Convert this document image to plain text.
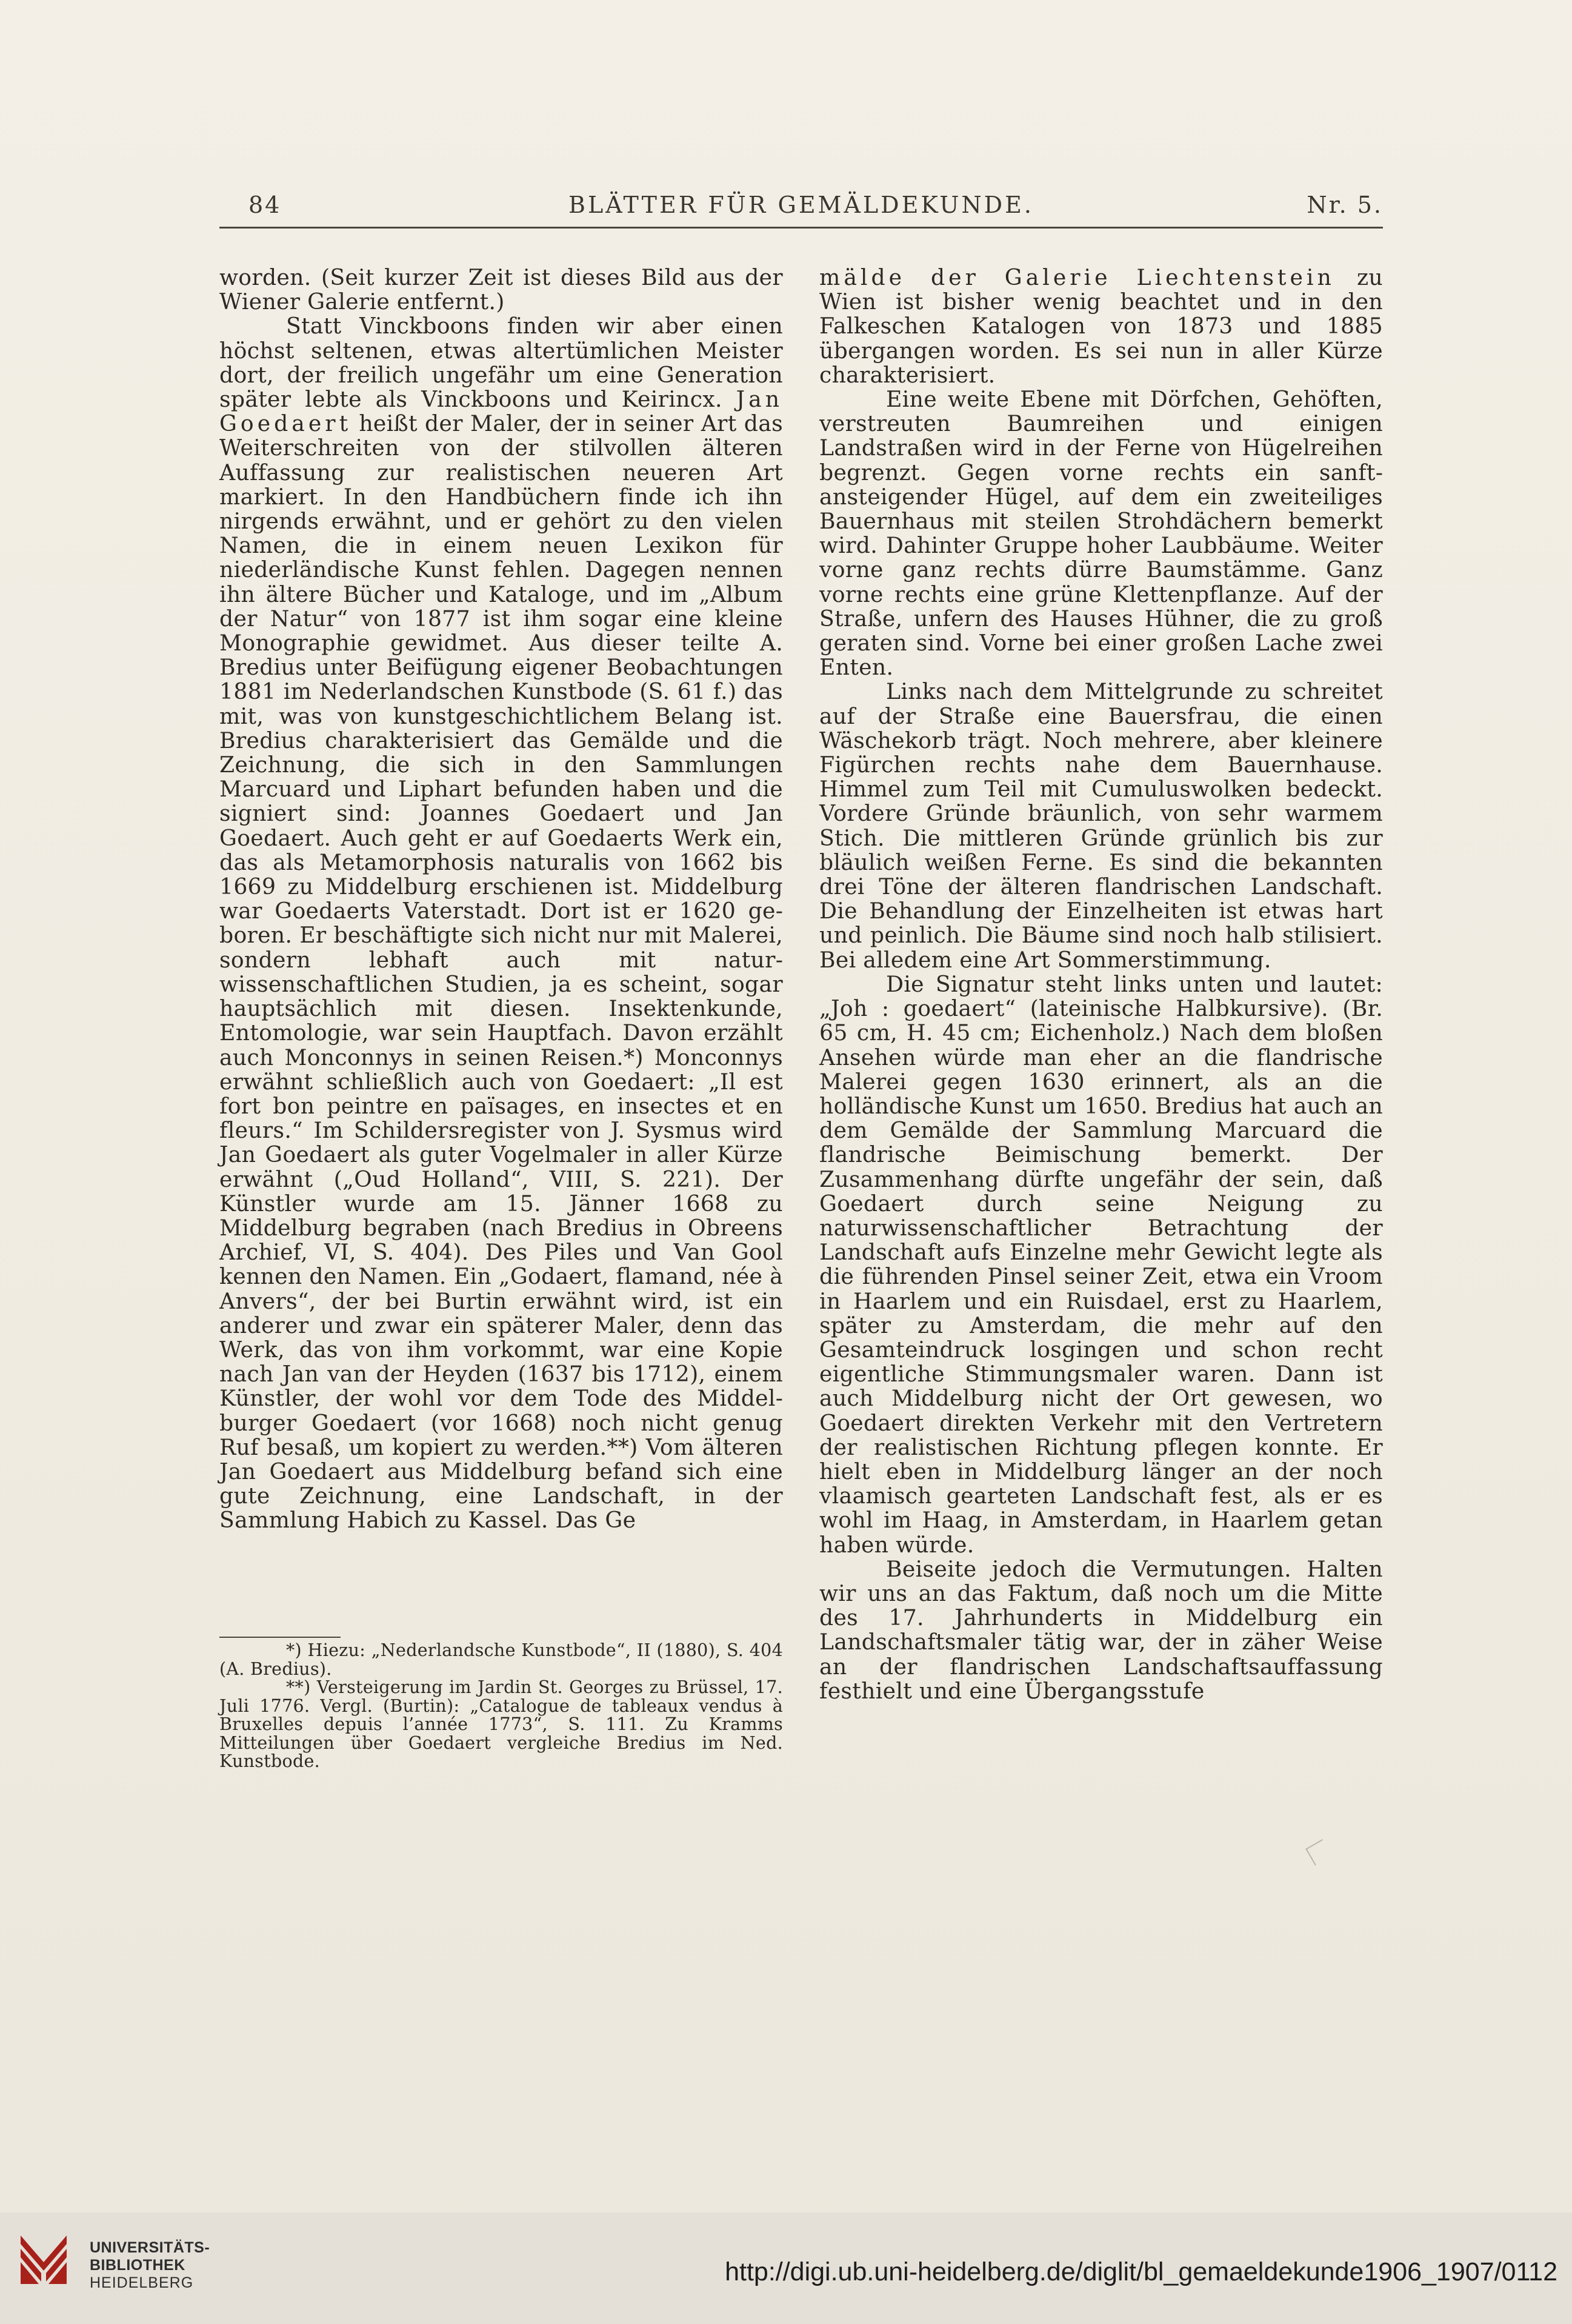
84	BLÄTTER FÜR GEMÄLDEKUNDE.	Nr. 5.

worden. (Seit kurzer Zeit ist dieses Bild aus der Wiener Galerie entfernt.)

Statt Vinckboons finden wir aber einen höchst seltenen, etwas altertümlichen Meister dort, der freilich ungefähr um eine Generation später lebte als Vinckboons und Keirincx. Jan Goedaert heißt der Maler, der in seiner Art das Weiterschreiten von der stilvollen älteren Auffassung zur realistischen neueren Art markiert. In den Handbüchern finde ich ihn nirgends erwähnt, und er gehört zu den vielen Namen, die in einem neuen Lexikon für niederländische Kunst fehlen. Dagegen nennen ihn ältere Bücher und Kataloge, und im „Album der Natur“ von 1877 ist ihm sogar eine kleine Monographie gewidmet. Aus dieser teilte A. Bredius unter Beifügung eigener Beobachtungen 1881 im Nederlandschen Kunstbode (S. 61 f.) das mit, was von kunstgeschichtlichem Belang ist. Bredius charakterisiert das Gemälde und die Zeichnung, die sich in den Sammlungen Marcuard und Liphart befunden haben und die signiert sind: Joannes Goedaert und Jan Goedaert. Auch geht er auf Goedaerts Werk ein, das als Metamorphosis naturalis von 1662 bis 1669 zu Middelburg erschienen ist. Middelburg war Goedaerts Vaterstadt. Dort ist er 1620 geboren. Er beschäftigte sich nicht nur mit Malerei, sondern lebhaft auch mit naturwissenschaftlichen Studien, ja es scheint, sogar hauptsächlich mit diesen. Insektenkunde, Entomologie, war sein Hauptfach. Davon erzählt auch Monconnys in seinen Reisen.*) Monconnys erwähnt schließlich auch von Goedaert: „Il est fort bon peintre en païsages, en insectes et en fleurs.“ Im Schildersregister von J. Sysmus wird Jan Goedaert als guter Vogelmaler in aller Kürze erwähnt („Oud Holland“, VIII, S. 221). Der Künstler wurde am 15. Jänner 1668 zu Middelburg begraben (nach Bredius in Obreens Archief, VI, S. 404). Des Piles und Van Gool kennen den Namen. Ein „Godaert, flamand, née à Anvers“, der bei Burtin erwähnt wird, ist ein anderer und zwar ein späterer Maler, denn das Werk, das von ihm vorkommt, war eine Kopie nach Jan van der Heyden (1637 bis 1712), einem Künstler, der wohl vor dem Tode des Middelburger Goedaert (vor 1668) noch nicht genug Ruf besaß, um kopiert zu werden.**) Vom älteren Jan Goedaert aus Middelburg befand sich eine gute Zeichnung, eine Landschaft, in der Sammlung Habich zu Kassel. Das Ge

mälde der Galerie Liechtenstein zu Wien ist bisher wenig beachtet und in den Falkeschen Katalogen von 1873 und 1885 übergangen worden. Es sei nun in aller Kürze charakterisiert.

Eine weite Ebene mit Dörfchen, Gehöften, verstreuten Baumreihen und einigen Landstraßen wird in der Ferne von Hügelreihen begrenzt. Gegen vorne rechts ein sanftansteigender Hügel, auf dem ein zweiteiliges Bauernhaus mit steilen Strohdächern bemerkt wird. Dahinter Gruppe hoher Laubbäume. Weiter vorne ganz rechts dürre Baumstämme. Ganz vorne rechts eine grüne Klettenpflanze. Auf der Straße, unfern des Hauses Hühner, die zu groß geraten sind. Vorne bei einer großen Lache zwei Enten.

Links nach dem Mittelgrunde zu schreitet auf der Straße eine Bauersfrau, die einen Wäschekorb trägt. Noch mehrere, aber kleinere Figürchen rechts nahe dem Bauernhause. Himmel zum Teil mit Cumuluswolken bedeckt. Vordere Gründe bräunlich, von sehr warmem Stich. Die mittleren Gründe grünlich bis zur bläulich weißen Ferne. Es sind die bekannten drei Töne der älteren flandrischen Landschaft. Die Behandlung der Einzelheiten ist etwas hart und peinlich. Die Bäume sind noch halb stilisiert. Bei alledem eine Art Sommerstimmung.

Die Signatur steht links unten und lautet: „Joh : goedaert“ (lateinische Halbkursive). (Br. 65 cm, H. 45 cm; Eichenholz.) Nach dem bloßen Ansehen würde man eher an die flandrische Malerei gegen 1630 erinnert, als an die holländische Kunst um 1650. Bredius hat auch an dem Gemälde der Sammlung Marcuard die flandrische Beimischung bemerkt. Der Zusammenhang dürfte ungefähr der sein, daß Goedaert durch seine Neigung zu naturwissenschaftlicher Betrachtung der Landschaft aufs Einzelne mehr Gewicht legte als die führenden Pinsel seiner Zeit, etwa ein Vroom in Haarlem und ein Ruisdael, erst zu Haarlem, später zu Amsterdam, die mehr auf den Gesamteindruck losgingen und schon recht eigentliche Stimmungsmaler waren. Dann ist auch Middelburg nicht der Ort gewesen, wo Goedaert direkten Verkehr mit den Vertretern der realistischen Richtung pflegen konnte. Er hielt eben in Middelburg länger an der noch vlaamisch gearteten Landschaft fest, als er es wohl im Haag, in Amsterdam, in Haarlem getan haben würde.

Beiseite jedoch die Vermutungen. Halten wir uns an das Faktum, daß noch um die Mitte des 17. Jahrhunderts in Middelburg ein Landschaftsmaler tätig war, der in zäher Weise an der flandrischen Landschaftsauffassung festhielt und eine Übergangsstufe

*) Hiezu: „Nederlandsche Kunstbode“, II (1880), S. 404 (A. Bredius).

**) Versteigerung im Jardin St. Georges zu Brüssel, 17. Juli 1776. Vergl. (Burtin): „Catalogue de tableaux vendus à Bruxelles depuis l’année 1773“, S. 111. Zu Kramms Mitteilungen über Goedaert vergleiche Bredius im Ned. Kunstbode.

UNIVERSITÄTS-
BIBLIOTHEK
HEIDELBERG	http://digi.ub.uni-heidelberg.de/diglit/bl_gemaeldekunde1906_1907/0112
